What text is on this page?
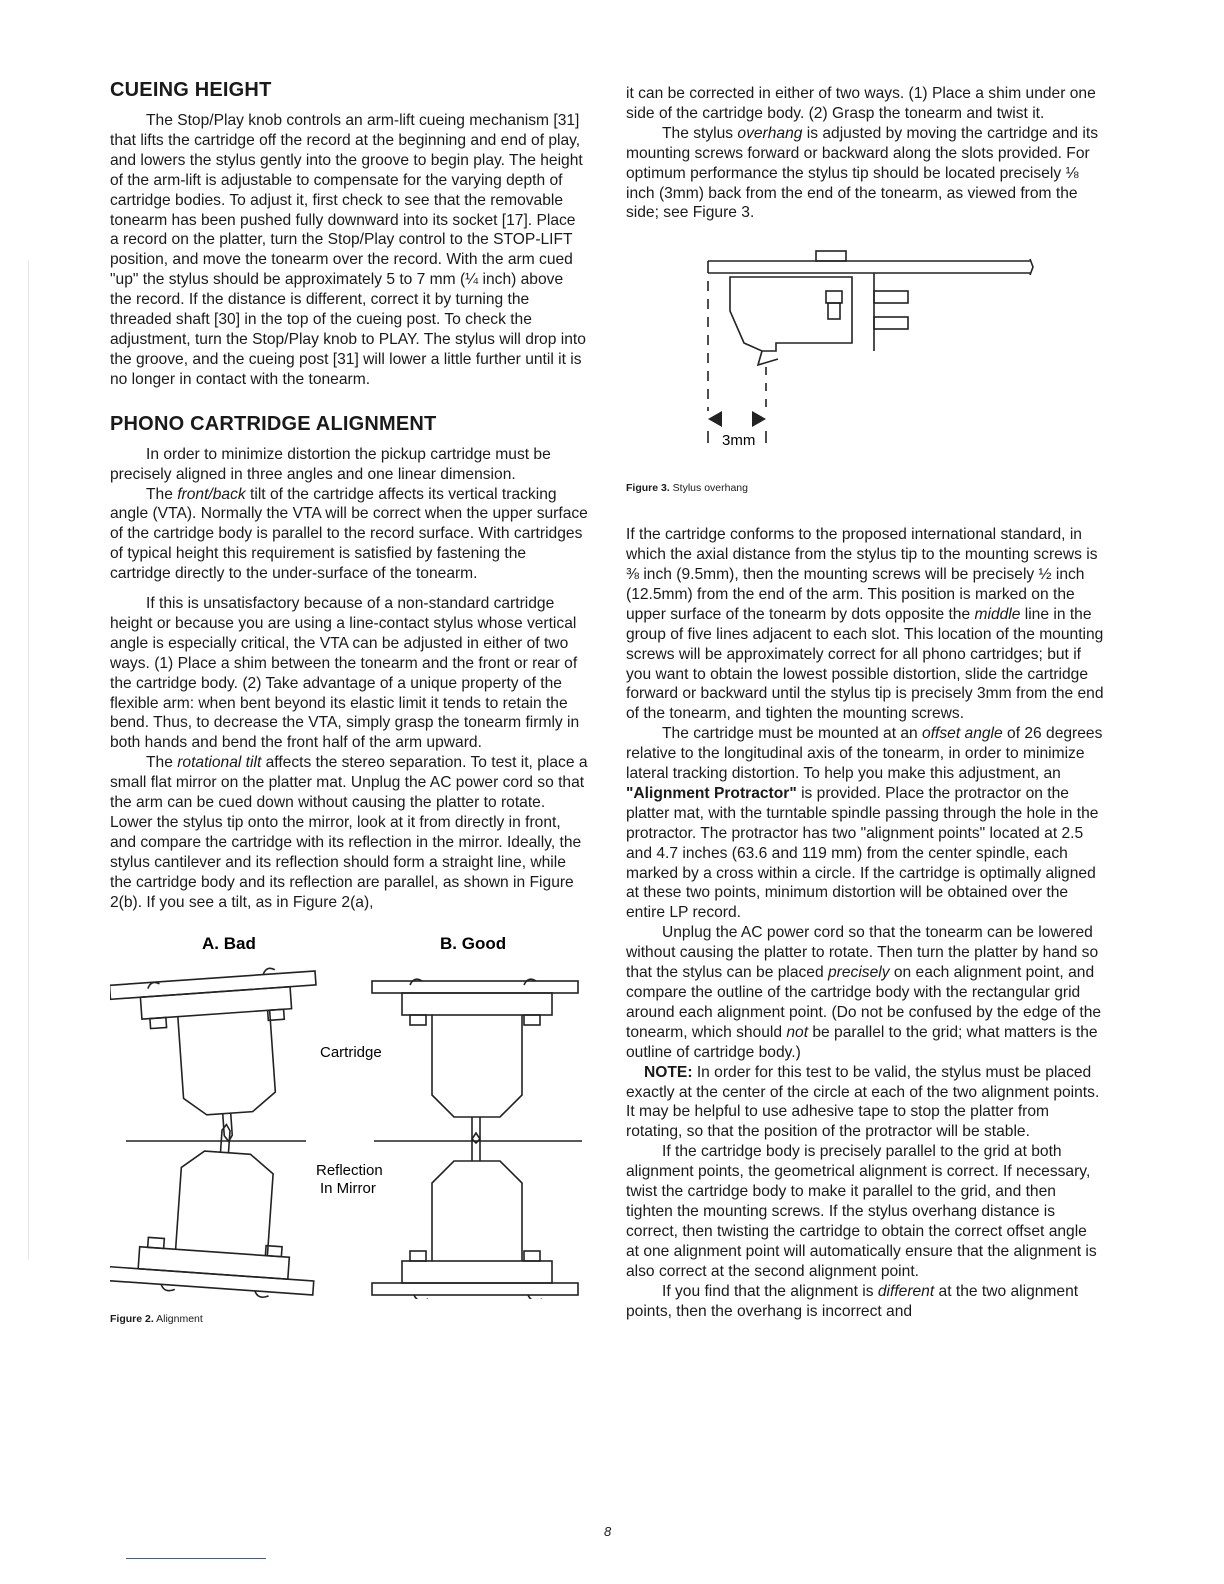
CUEING HEIGHT

The Stop/Play knob controls an arm-lift cueing mechanism [31] that lifts the cartridge off the record at the beginning and end of play, and lowers the stylus gently into the groove to begin play. The height of the arm-lift is adjustable to compensate for the varying depth of cartridge bodies. To adjust it, first check to see that the removable tonearm has been pushed fully downward into its socket [17]. Place a record on the platter, turn the Stop/Play control to the STOP-LIFT position, and move the tonearm over the record. With the arm cued "up" the stylus should be approximately 5 to 7 mm (¼ inch) above the record. If the distance is different, correct it by turning the threaded shaft [30] in the top of the cueing post. To check the adjustment, turn the Stop/Play knob to PLAY. The stylus will drop into the groove, and the cueing post [31] will lower a little further until it is no longer in contact with the tonearm.

PHONO CARTRIDGE ALIGNMENT

In order to minimize distortion the pickup cartridge must be precisely aligned in three angles and one linear dimension.

The front/back tilt of the cartridge affects its vertical tracking angle (VTA). Normally the VTA will be correct when the upper surface of the cartridge body is parallel to the record surface. With cartridges of typical height this requirement is satisfied by fastening the cartridge directly to the under-surface of the tonearm.

If this is unsatisfactory because of a non-standard cartridge height or because you are using a line-contact stylus whose vertical angle is especially critical, the VTA can be adjusted in either of two ways. (1) Place a shim between the tonearm and the front or rear of the cartridge body. (2) Take advantage of a unique property of the flexible arm: when bent beyond its elastic limit it tends to retain the bend. Thus, to decrease the VTA, simply grasp the tonearm firmly in both hands and bend the front half of the arm upward.

The rotational tilt affects the stereo separation. To test it, place a small flat mirror on the platter mat. Unplug the AC power cord so that the arm can be cued down without causing the platter to rotate. Lower the stylus tip onto the mirror, look at it from directly in front, and compare the cartridge with its reflection in the mirror. Ideally, the stylus cantilever and its reflection should form a straight line, while the cartridge body and its reflection are parallel, as shown in Figure 2(b). If you see a tilt, as in Figure 2(a),

A. Bad	B. Good
Cartridge
Reflection
In Mirror
Figure 2. Alignment

it can be corrected in either of two ways. (1) Place a shim under one side of the cartridge body. (2) Grasp the tonearm and twist it.

The stylus overhang is adjusted by moving the cartridge and its mounting screws forward or backward along the slots provided. For optimum performance the stylus tip should be located precisely ⅛ inch (3mm) back from the end of the tonearm, as viewed from the side; see Figure 3.

3mm
Figure 3. Stylus overhang

If the cartridge conforms to the proposed international standard, in which the axial distance from the stylus tip to the mounting screws is ⅜ inch (9.5mm), then the mounting screws will be precisely ½ inch (12.5mm) from the end of the arm. This position is marked on the upper surface of the tonearm by dots opposite the middle line in the group of five lines adjacent to each slot. This location of the mounting screws will be approximately correct for all phono cartridges; but if you want to obtain the lowest possible distortion, slide the cartridge forward or backward until the stylus tip is precisely 3mm from the end of the tonearm, and tighten the mounting screws.

The cartridge must be mounted at an offset angle of 26 degrees relative to the longitudinal axis of the tonearm, in order to minimize lateral tracking distortion. To help you make this adjustment, an "Alignment Protractor" is provided. Place the protractor on the platter mat, with the turntable spindle passing through the hole in the protractor. The protractor has two "alignment points" located at 2.5 and 4.7 inches (63.6 and 119 mm) from the center spindle, each marked by a cross within a circle. If the cartridge is optimally aligned at these two points, minimum distortion will be obtained over the entire LP record.

Unplug the AC power cord so that the tonearm can be lowered without causing the platter to rotate. Then turn the platter by hand so that the stylus can be placed precisely on each alignment point, and compare the outline of the cartridge body with the rectangular grid around each alignment point. (Do not be confused by the edge of the tonearm, which should not be parallel to the grid; what matters is the outline of cartridge body.)

NOTE: In order for this test to be valid, the stylus must be placed exactly at the center of the circle at each of the two alignment points. It may be helpful to use adhesive tape to stop the platter from rotating, so that the position of the protractor will be stable.

If the cartridge body is precisely parallel to the grid at both alignment points, the geometrical alignment is correct. If necessary, twist the cartridge body to make it parallel to the grid, and then tighten the mounting screws. If the stylus overhang distance is correct, then twisting the cartridge to obtain the correct offset angle at one alignment point will automatically ensure that the alignment is also correct at the second alignment point.

If you find that the alignment is different at the two alignment points, then the overhang is incorrect and

8
